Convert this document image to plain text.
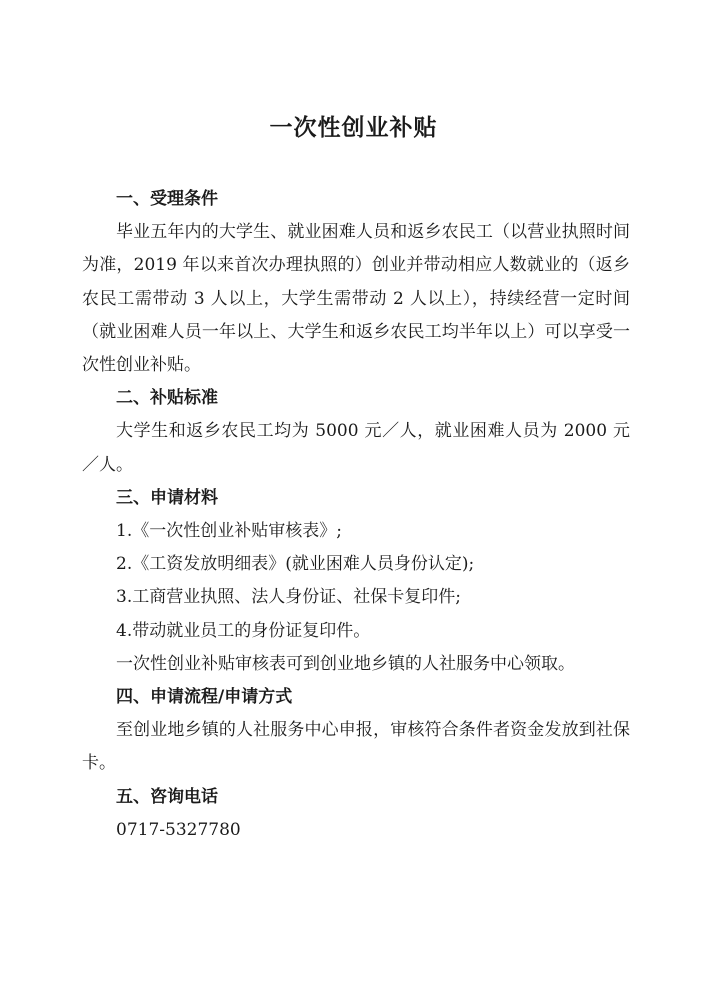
一次性创业补贴

一、受理条件

毕业五年内的大学生、就业困难人员和返乡农民工（以营业执照时间为准，2019 年以来首次办理执照的）创业并带动相应人数就业的（返乡农民工需带动 3 人以上，大学生需带动 2 人以上），持续经营一定时间（就业困难人员一年以上、大学生和返乡农民工均半年以上）可以享受一次性创业补贴。

二、补贴标准

大学生和返乡农民工均为 5000 元／人，就业困难人员为 2000 元／人。

三、申请材料

1.《一次性创业补贴审核表》;

2.《工资发放明细表》(就业困难人员身份认定);

3.工商营业执照、法人身份证、社保卡复印件;

4.带动就业员工的身份证复印件。

一次性创业补贴审核表可到创业地乡镇的人社服务中心领取。

四、申请流程/申请方式

至创业地乡镇的人社服务中心申报，审核符合条件者资金发放到社保卡。

五、咨询电话

0717-5327780
